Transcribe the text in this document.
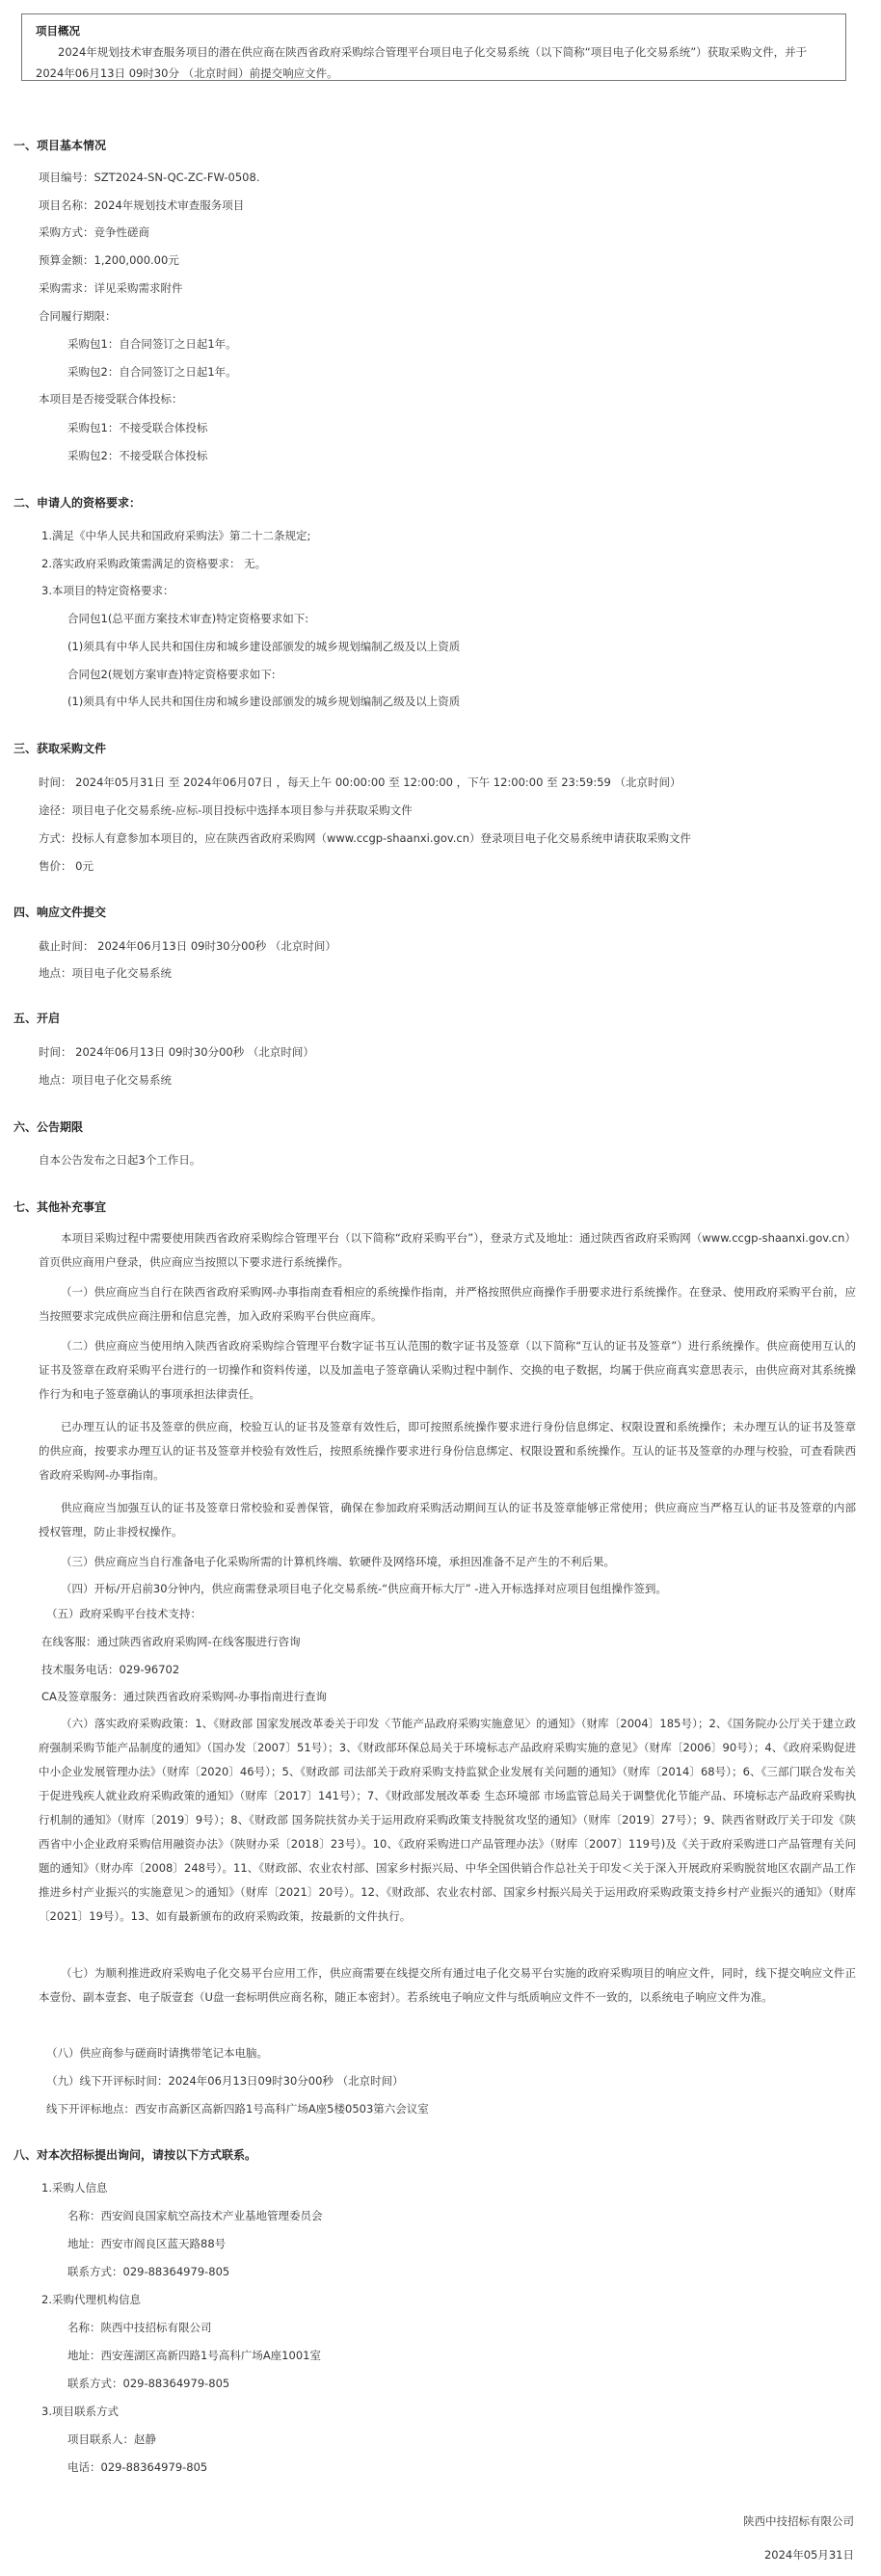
项目概况
2024年规划技术审查服务项目的潜在供应商在陕西省政府采购综合管理平台项目电子化交易系统（以下简称“项目电子化交易系统”）获取采购文件，并于 2024年06月13日 09时30分 （北京时间）前提交响应文件。
一、项目基本情况
项目编号：SZT2024-SN-QC-ZC-FW-0508.
项目名称：2024年规划技术审查服务项目
采购方式：竞争性磋商
预算金额：1,200,000.00元
采购需求：详见采购需求附件
合同履行期限：
采购包1：自合同签订之日起1年。
采购包2：自合同签订之日起1年。
本项目是否接受联合体投标：
采购包1：不接受联合体投标
采购包2：不接受联合体投标
二、申请人的资格要求：
1.满足《中华人民共和国政府采购法》第二十二条规定;
2.落实政府采购政策需满足的资格要求： 无。
3.本项目的特定资格要求：
合同包1(总平面方案技术审查)特定资格要求如下:
(1)须具有中华人民共和国住房和城乡建设部颁发的城乡规划编制乙级及以上资质
合同包2(规划方案审查)特定资格要求如下:
(1)须具有中华人民共和国住房和城乡建设部颁发的城乡规划编制乙级及以上资质
三、获取采购文件
时间： 2024年05月31日 至 2024年06月07日 ，每天上午 00:00:00 至 12:00:00 ，下午 12:00:00 至 23:59:59 （北京时间）
途径：项目电子化交易系统-应标-项目投标中选择本项目参与并获取采购文件
方式：投标人有意参加本项目的，应在陕西省政府采购网（www.ccgp-shaanxi.gov.cn）登录项目电子化交易系统申请获取采购文件
售价： 0元
四、响应文件提交
截止时间： 2024年06月13日 09时30分00秒 （北京时间）
地点：项目电子化交易系统
五、开启
时间： 2024年06月13日 09时30分00秒 （北京时间）
地点：项目电子化交易系统
六、公告期限
自本公告发布之日起3个工作日。
七、其他补充事宜
本项目采购过程中需要使用陕西省政府采购综合管理平台（以下简称“政府采购平台”），登录方式及地址：通过陕西省政府采购网（www.ccgp-shaanxi.gov.cn）首页供应商用户登录，供应商应当按照以下要求进行系统操作。
（一）供应商应当自行在陕西省政府采购网-办事指南查看相应的系统操作指南，并严格按照供应商操作手册要求进行系统操作。在登录、使用政府采购平台前，应当按照要求完成供应商注册和信息完善，加入政府采购平台供应商库。
（二）供应商应当使用纳入陕西省政府采购综合管理平台数字证书互认范围的数字证书及签章（以下简称“互认的证书及签章”）进行系统操作。供应商使用互认的证书及签章在政府采购平台进行的一切操作和资料传递，以及加盖电子签章确认采购过程中制作、交换的电子数据，均属于供应商真实意思表示，由供应商对其系统操作行为和电子签章确认的事项承担法律责任。
已办理互认的证书及签章的供应商，校验互认的证书及签章有效性后，即可按照系统操作要求进行身份信息绑定、权限设置和系统操作；未办理互认的证书及签章的供应商，按要求办理互认的证书及签章并校验有效性后，按照系统操作要求进行身份信息绑定、权限设置和系统操作。互认的证书及签章的办理与校验，可查看陕西省政府采购网-办事指南。
供应商应当加强互认的证书及签章日常校验和妥善保管，确保在参加政府采购活动期间互认的证书及签章能够正常使用；供应商应当严格互认的证书及签章的内部授权管理，防止非授权操作。
（三）供应商应当自行准备电子化采购所需的计算机终端、软硬件及网络环境，承担因准备不足产生的不利后果。
（四）开标/开启前30分钟内，供应商需登录项目电子化交易系统-“供应商开标大厅” -进入开标选择对应项目包组操作签到。
（五）政府采购平台技术支持：
在线客服：通过陕西省政府采购网-在线客服进行咨询
技术服务电话：029-96702
CA及签章服务：通过陕西省政府采购网-办事指南进行查询
（六）落实政府采购政策：1、《财政部 国家发展改革委关于印发〈节能产品政府采购实施意见〉的通知》（财库〔2004〕185号）；2、《国务院办公厅关于建立政府强制采购节能产品制度的通知》（国办发〔2007〕51号）；3、《财政部环保总局关于环境标志产品政府采购实施的意见》（财库〔2006〕90号）；4、《政府采购促进中小企业发展管理办法》（财库〔2020〕46号）；5、《财政部 司法部关于政府采购支持监狱企业发展有关问题的通知》（财库〔2014〕68号）；6、《三部门联合发布关于促进残疾人就业政府采购政策的通知》（财库〔2017〕141号）；7、《财政部发展改革委 生态环境部 市场监管总局关于调整优化节能产品、环境标志产品政府采购执行机制的通知》（财库〔2019〕9号）；8、《财政部 国务院扶贫办关于运用政府采购政策支持脱贫攻坚的通知》（财库〔2019〕27号）；9、陕西省财政厅关于印发《陕西省中小企业政府采购信用融资办法》（陕财办采〔2018〕23号）。10、《政府采购进口产品管理办法》（财库〔2007〕119号)及《关于政府采购进口产品管理有关问题的通知》（财办库〔2008〕248号）。11、《财政部、农业农村部、国家乡村振兴局、中华全国供销合作总社关于印发＜关于深入开展政府采购脱贫地区农副产品工作推进乡村产业振兴的实施意见＞的通知》（财库〔2021〕20号）。12、《财政部、农业农村部、国家乡村振兴局关于运用政府采购政策支持乡村产业振兴的通知》（财库〔2021〕19号）。13、如有最新颁布的政府采购政策，按最新的文件执行。
（七）为顺利推进政府采购电子化交易平台应用工作，供应商需要在线提交所有通过电子化交易平台实施的政府采购项目的响应文件，同时，线下提交响应文件正本壹份、副本壹套、电子版壹套（U盘一套标明供应商名称，随正本密封）。若系统电子响应文件与纸质响应文件不一致的，以系统电子响应文件为准。
（八）供应商参与磋商时请携带笔记本电脑。
（九）线下开评标时间：2024年06月13日09时30分00秒 （北京时间）
线下开评标地点：西安市高新区高新四路1号高科广场A座5楼0503第六会议室
八、对本次招标提出询问，请按以下方式联系。
1.采购人信息
名称：西安阎良国家航空高技术产业基地管理委员会
地址：西安市阎良区蓝天路88号
联系方式：029-88364979-805
2.采购代理机构信息
名称：陕西中技招标有限公司
地址：西安莲湖区高新四路1号高科广场A座1001室
联系方式：029-88364979-805
3.项目联系方式
项目联系人：赵静
电话：029-88364979-805
陕西中技招标有限公司
2024年05月31日
